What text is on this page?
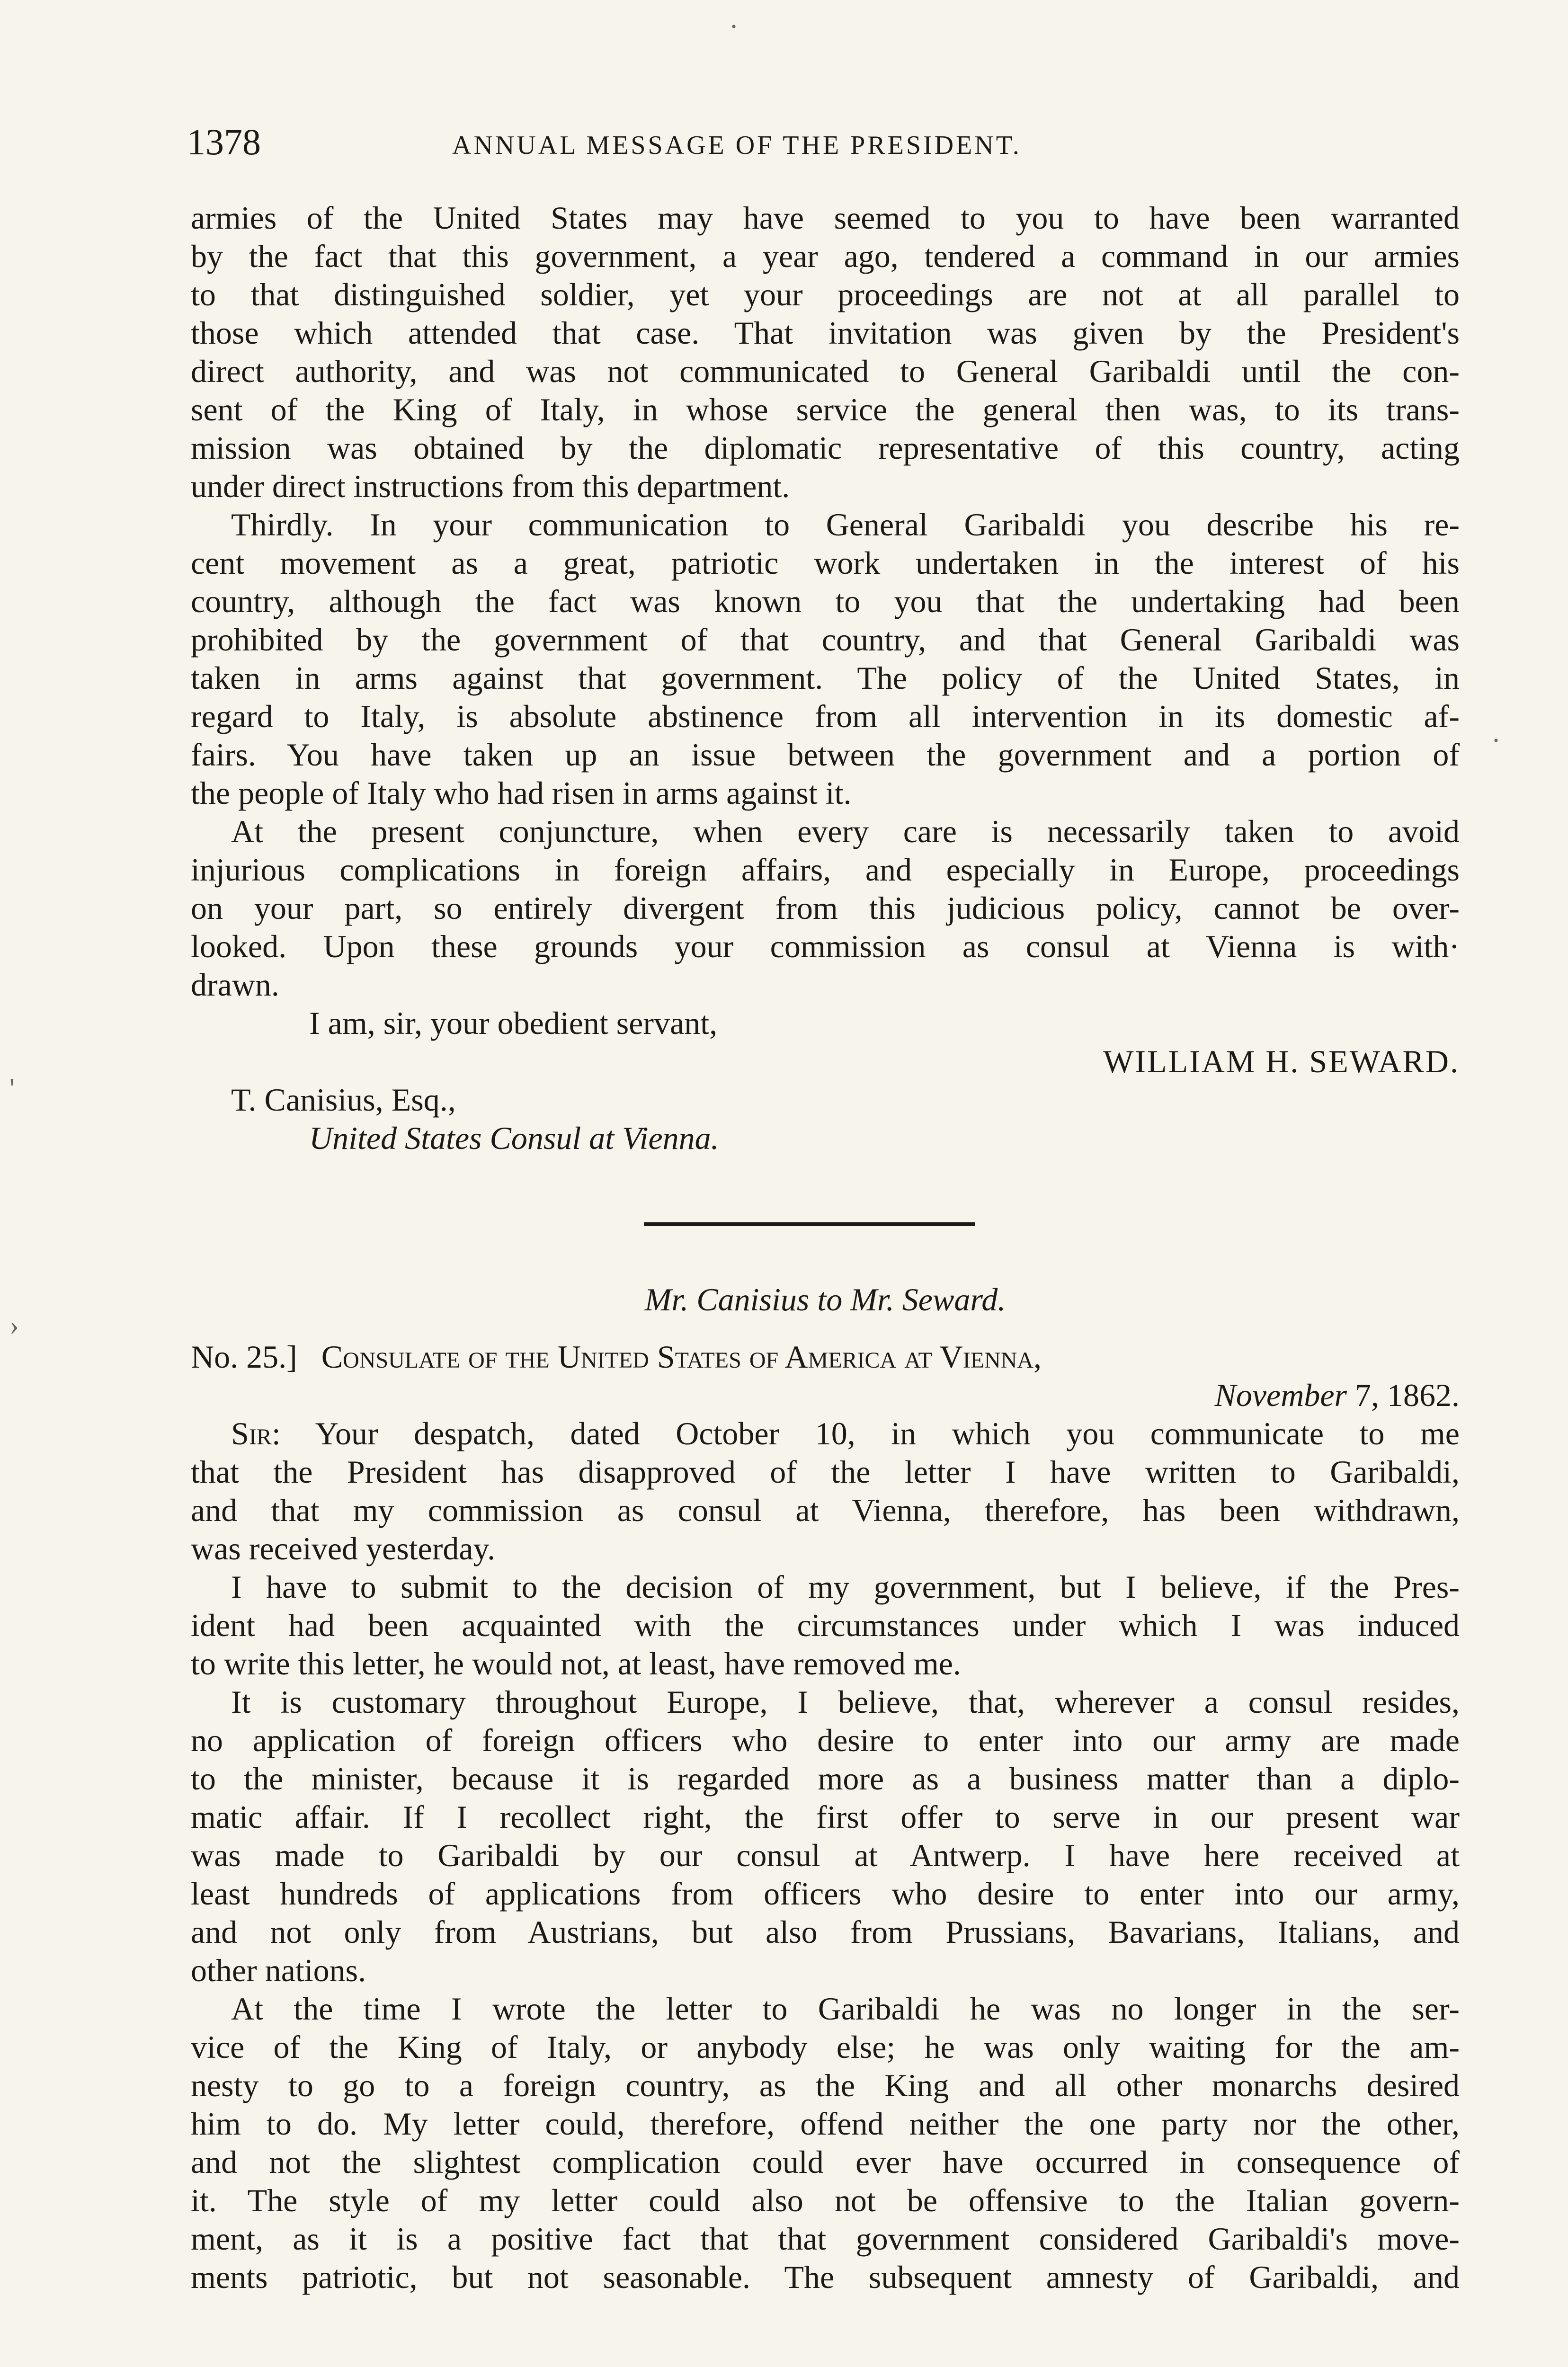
1378	ANNUAL MESSAGE OF THE PRESIDENT.
·
·
'
›
armies of the United States may have seemed to you to have been warranted
by the fact that this government, a year ago, tendered a command in our armies
to that distinguished soldier, yet your proceedings are not at all parallel to
those which attended that case. That invitation was given by the President's
direct authority, and was not communicated to General Garibaldi until the con-
sent of the King of Italy, in whose service the general then was, to its trans-
mission was obtained by the diplomatic representative of this country, acting
under direct instructions from this department.
Thirdly. In your communication to General Garibaldi you describe his re-
cent movement as a great, patriotic work undertaken in the interest of his
country, although the fact was known to you that the undertaking had been
prohibited by the government of that country, and that General Garibaldi was
taken in arms against that government. The policy of the United States, in
regard to Italy, is absolute abstinence from all intervention in its domestic af-
fairs. You have taken up an issue between the government and a portion of
the people of Italy who had risen in arms against it.
At the present conjuncture, when every care is necessarily taken to avoid
injurious complications in foreign affairs, and especially in Europe, proceedings
on your part, so entirely divergent from this judicious policy, cannot be over-
looked. Upon these grounds your commission as consul at Vienna is with·
drawn.
I am, sir, your obedient servant,
WILLIAM H. SEWARD.
T. Canisius, Esq.,
United States Consul at Vienna.
Mr. Canisius to Mr. Seward.
No. 25.] Consulate of the United States of America at Vienna,
November 7, 1862.
Sir: Your despatch, dated October 10, in which you communicate to me
that the President has disapproved of the letter I have written to Garibaldi,
and that my commission as consul at Vienna, therefore, has been withdrawn,
was received yesterday.
I have to submit to the decision of my government, but I believe, if the Pres-
ident had been acquainted with the circumstances under which I was induced
to write this letter, he would not, at least, have removed me.
It is customary throughout Europe, I believe, that, wherever a consul resides,
no application of foreign officers who desire to enter into our army are made
to the minister, because it is regarded more as a business matter than a diplo-
matic affair. If I recollect right, the first offer to serve in our present war
was made to Garibaldi by our consul at Antwerp. I have here received at
least hundreds of applications from officers who desire to enter into our army,
and not only from Austrians, but also from Prussians, Bavarians, Italians, and
other nations.
At the time I wrote the letter to Garibaldi he was no longer in the ser-
vice of the King of Italy, or anybody else; he was only waiting for the am-
nesty to go to a foreign country, as the King and all other monarchs desired
him to do. My letter could, therefore, offend neither the one party nor the other,
and not the slightest complication could ever have occurred in consequence of
it. The style of my letter could also not be offensive to the Italian govern-
ment, as it is a positive fact that that government considered Garibaldi's move-
ments patriotic, but not seasonable. The subsequent amnesty of Garibaldi, and
